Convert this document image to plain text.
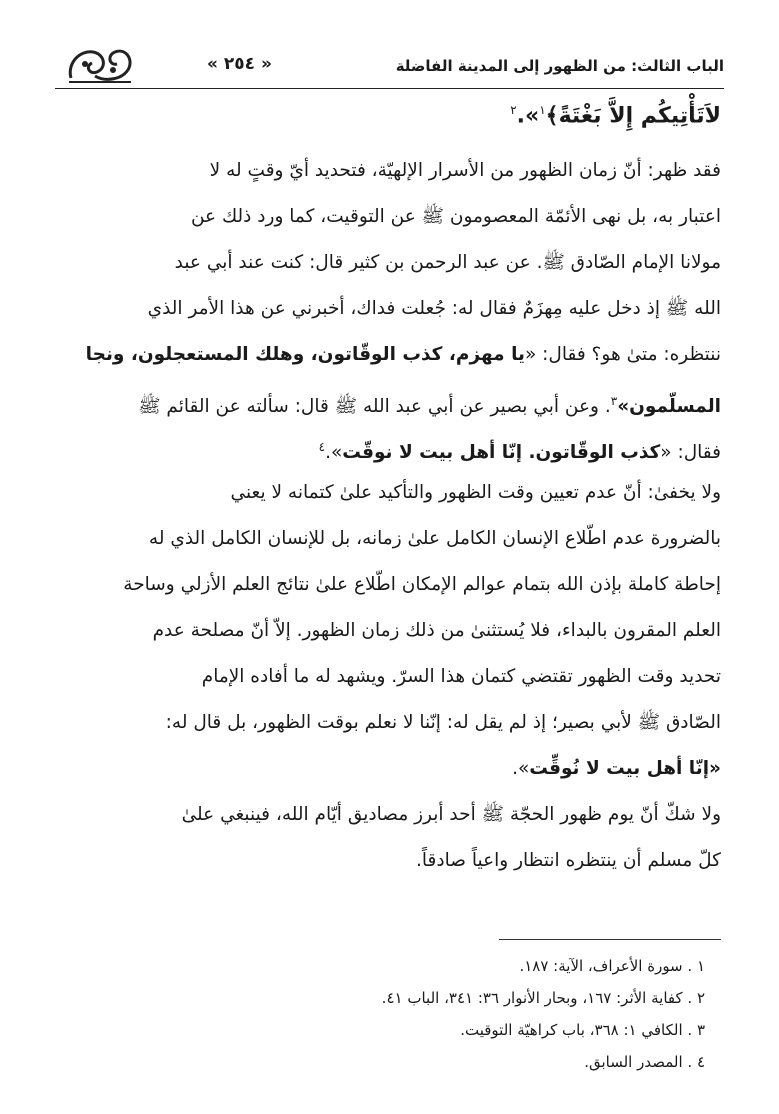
« ٢٥٤ »	الباب الثالث: من الظهور إلى المدينة الفاضلة
لاَتَأْتِيكُم إِلاَّ بَغْتَةً﴾$^١$».$^٢$
فقد ظهر: أنّ زمان الظهور من الأسرار الإلهيّة، فتحديد أيّ وقتٍ له لا
اعتبار به، بل نهى الأئمّة المعصومون ﷺ عن التوقيت، كما ورد ذلك عن
مولانا الإمام الصّادق ﷺ. عن عبد الرحمن بن كثير قال: كنت عند أبي عبد
الله ﷺ إذ دخل عليه مِهزَمٌ فقال له: جُعلت فداك، أخبرني عن هذا الأمر الذي
ننتظره: متىٰ هو؟ فقال: «يا مهزم، كذب الوقّاتون، وهلك المستعجلون، ونجا
المسلّمون»$^٣$. وعن أبي بصير عن أبي عبد الله ﷺ قال: سألته عن القائم ﷺ
فقال: «كذب الوقّاتون. إنّا أهل بيت لا نوقّت».$^٤$
ولا يخفىٰ: أنّ عدم تعيين وقت الظهور والتأكيد علىٰ كتمانه لا يعني
بالضرورة عدم اطّلاع الإنسان الكامل علىٰ زمانه، بل للإنسان الكامل الذي له
إحاطة كاملة بإذن الله بتمام عوالم الإمكان اطّلاع علىٰ نتائج العلم الأزلي وساحة
العلم المقرون بالبداء، فلا يُستثنىٰ من ذلك زمان الظهور. إلاّ أنّ مصلحة عدم
تحديد وقت الظهور تقتضي كتمان هذا السرّ. ويشهد له ما أفاده الإمام
الصّادق ﷺ لأبي بصير؛ إذ لم يقل له: إنّنا لا نعلم بوقت الظهور، بل قال له:
«إنّا أهل بيت لا نُوقِّت».
ولا شكّ أنّ يوم ظهور الحجّة ﷺ أحد أبرز مصاديق أيّام الله، فينبغي علىٰ
كلّ مسلم أن ينتظره انتظار واعياً صادقاً.
١ . سورة الأعراف، الآية: ١٨٧.
٢ . كفاية الأثر: ١٦٧، وبحار الأنوار ٣٦: ٣٤١، الباب ٤١.
٣ . الكافي ١: ٣٦٨، باب كراهيّة التوقيت.
٤ . المصدر السابق.
